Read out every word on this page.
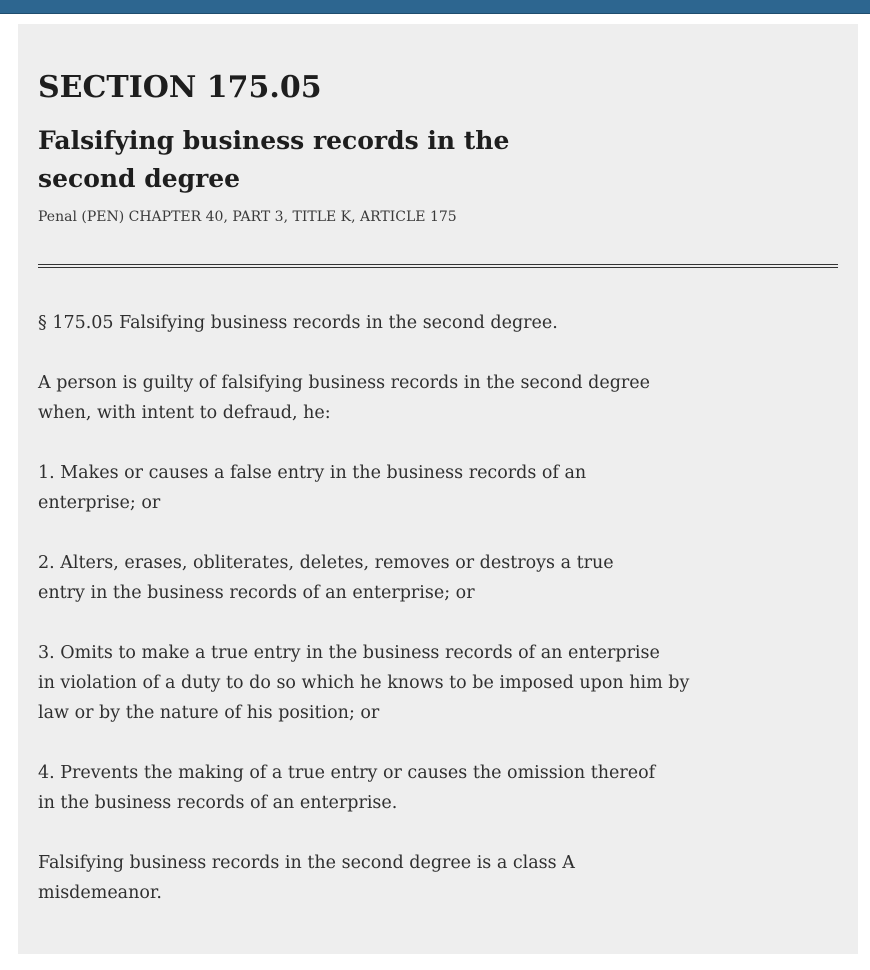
SECTION 175.05
Falsifying business records in the second degree

Penal (PEN) CHAPTER 40, PART 3, TITLE K, ARTICLE 175

§ 175.05 Falsifying business records in the second degree.

A person is guilty of falsifying business records in the second degree
when, with intent to defraud, he:

1. Makes or causes a false entry in the business records of an
enterprise; or

2. Alters, erases, obliterates, deletes, removes or destroys a true
entry in the business records of an enterprise; or

3. Omits to make a true entry in the business records of an enterprise
in violation of a duty to do so which he knows to be imposed upon him by
law or by the nature of his position; or

4. Prevents the making of a true entry or causes the omission thereof
in the business records of an enterprise.

Falsifying business records in the second degree is a class A
misdemeanor.
